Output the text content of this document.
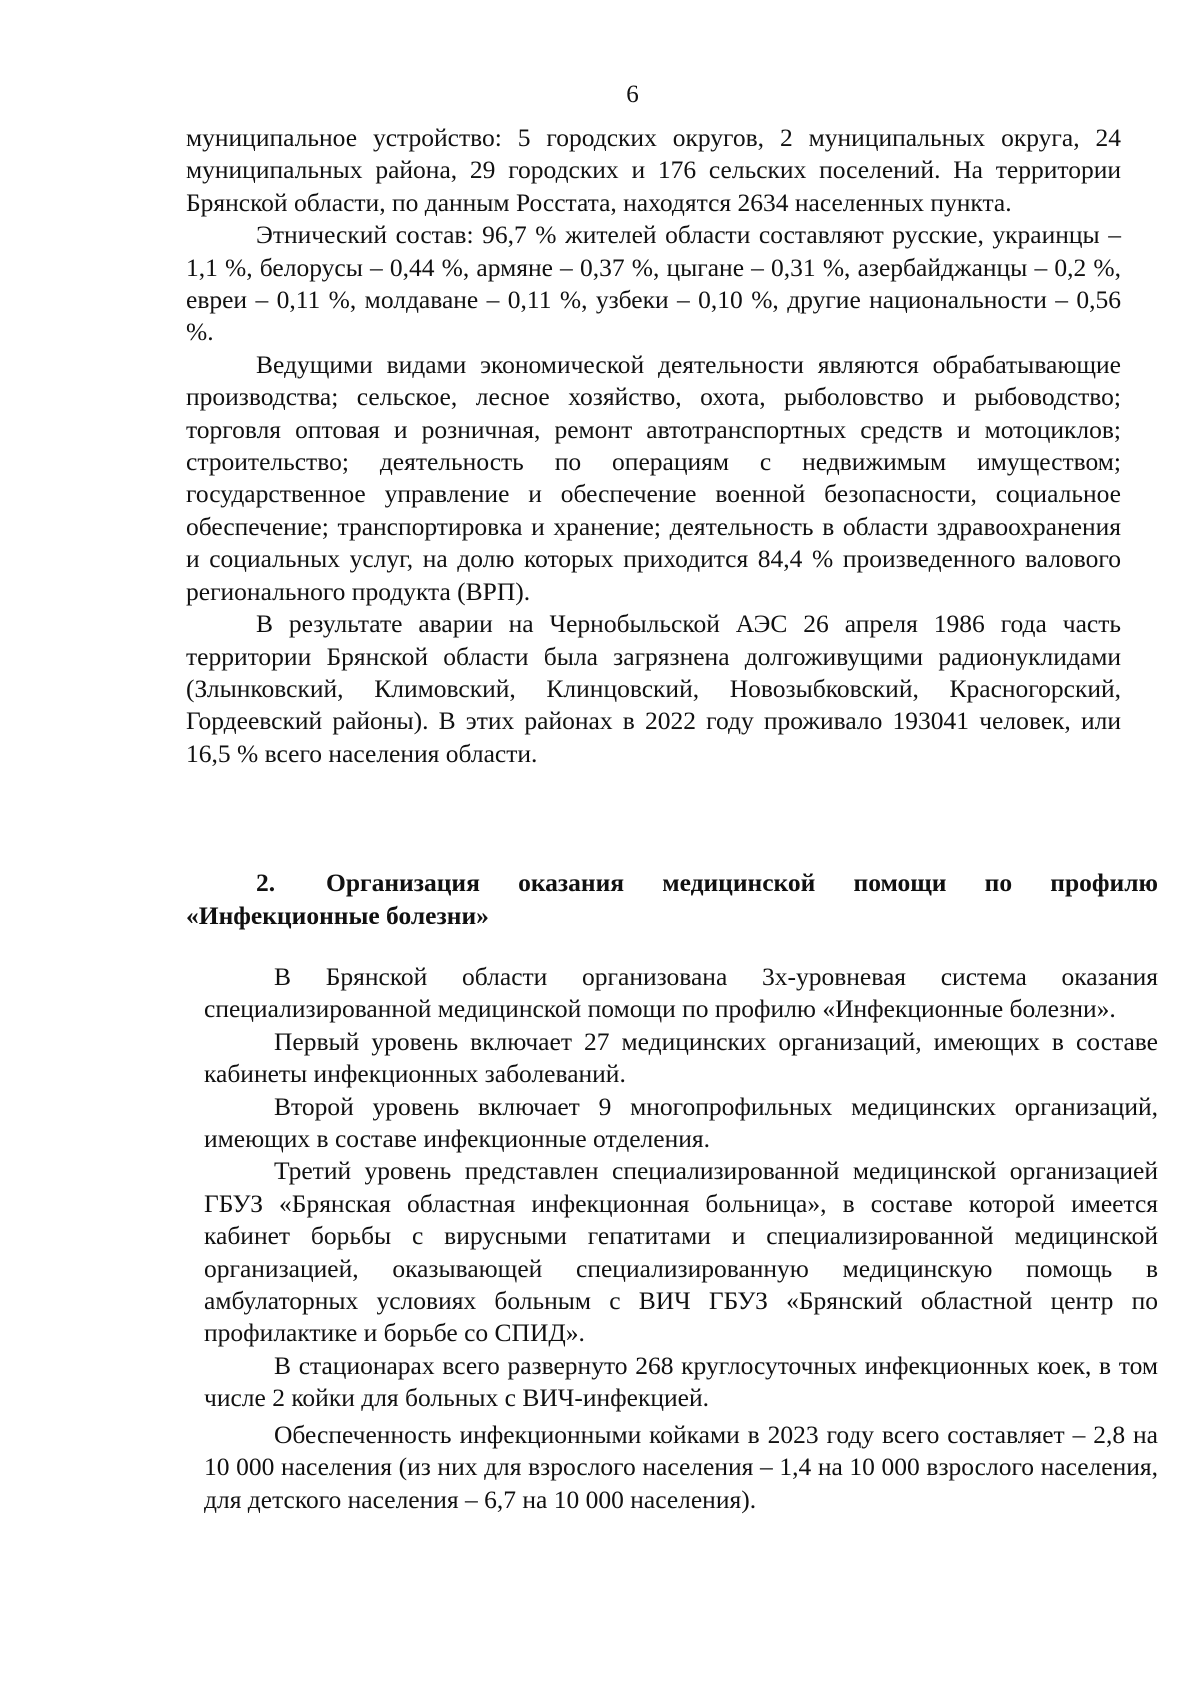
6

муниципальное устройство: 5 городских округов, 2 муниципальных округа, 24 муниципальных района, 29 городских и 176 сельских поселений. На территории Брянской области, по данным Росстата, находятся 2634 населенных пункта.

Этнический состав: 96,7 % жителей области составляют русские, украинцы – 1,1 %, белорусы – 0,44 %, армяне – 0,37 %, цыгане – 0,31 %, азербайджанцы – 0,2 %, евреи – 0,11 %, молдаване – 0,11 %, узбеки – 0,10 %, другие национальности – 0,56 %.

Ведущими видами экономической деятельности являются обрабатывающие производства; сельское, лесное хозяйство, охота, рыболовство и рыбоводство; торговля оптовая и розничная, ремонт автотранспортных средств и мотоциклов; строительство; деятельность по операциям с недвижимым имуществом; государственное управление и обеспечение военной безопасности, социальное обеспечение; транспортировка и хранение; деятельность в области здравоохранения и социальных услуг, на долю которых приходится 84,4 % произведенного валового регионального продукта (ВРП).

В результате аварии на Чернобыльской АЭС 26 апреля 1986 года часть территории Брянской области была загрязнена долгоживущими радионуклидами (Злынковский, Климовский, Клинцовский, Новозыбковский, Красногорский, Гордеевский районы). В этих районах в 2022 году проживало 193041 человек, или 16,5 % всего населения области.

2. Организация оказания медицинской помощи по профилю «Инфекционные болезни»

В Брянской области организована 3х-уровневая система оказания специализированной медицинской помощи по профилю «Инфекционные болезни».

Первый уровень включает 27 медицинских организаций, имеющих в составе кабинеты инфекционных заболеваний.

Второй уровень включает 9 многопрофильных медицинских организаций, имеющих в составе инфекционные отделения.

Третий уровень представлен специализированной медицинской организацией ГБУЗ «Брянская областная инфекционная больница», в составе которой имеется кабинет борьбы с вирусными гепатитами и специализированной медицинской организацией, оказывающей специализированную медицинскую помощь в амбулаторных условиях больным с ВИЧ ГБУЗ «Брянский областной центр по профилактике и борьбе со СПИД».

В стационарах всего развернуто 268 круглосуточных инфекционных коек, в том числе 2 койки для больных с ВИЧ-инфекцией.

Обеспеченность инфекционными койками в 2023 году всего составляет – 2,8 на 10 000 населения (из них для взрослого населения – 1,4 на 10 000 взрослого населения, для детского населения – 6,7 на 10 000 населения).
